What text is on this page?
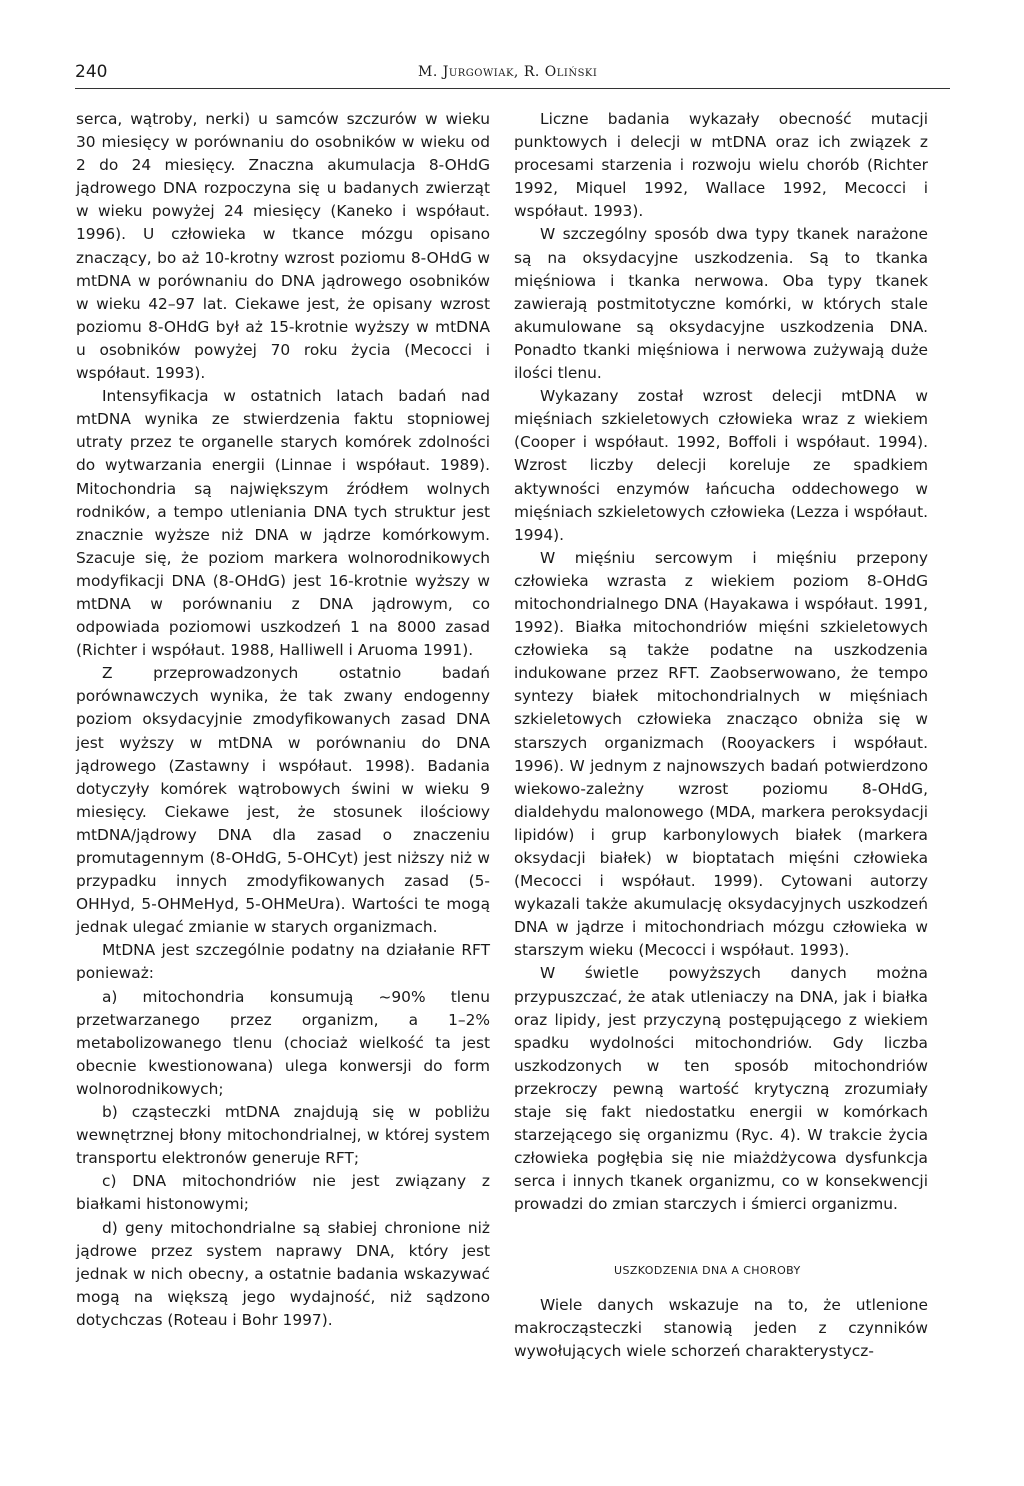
240	M. Jurgowiak, R. Oliński

serca, wątroby, nerki) u samców szczurów w wieku 30 miesięcy w porównaniu do osobników w wieku od 2 do 24 miesięcy. Znaczna akumulacja 8-OHdG jądrowego DNA rozpoczyna się u badanych zwierząt w wieku powyżej 24 miesięcy (Kaneko i współaut. 1996). U człowieka w tkance mózgu opisano znaczący, bo aż 10-krotny wzrost poziomu 8-OHdG w mtDNA w porównaniu do DNA jądrowego osobników w wieku 42–97 lat. Ciekawe jest, że opisany wzrost poziomu 8-OHdG był aż 15-krotnie wyższy w mtDNA u osobników powyżej 70 roku życia (Mecocci i współaut. 1993).

Intensyfikacja w ostatnich latach badań nad mtDNA wynika ze stwierdzenia faktu stopniowej utraty przez te organelle starych komórek zdolności do wytwarzania energii (Linnae i współaut. 1989). Mitochondria są największym źródłem wolnych rodników, a tempo utleniania DNA tych struktur jest znacznie wyższe niż DNA w jądrze komórkowym. Szacuje się, że poziom markera wolnorodnikowych modyfikacji DNA (8-OHdG) jest 16-krotnie wyższy w mtDNA w porównaniu z DNA jądrowym, co odpowiada poziomowi uszkodzeń 1 na 8000 zasad (Richter i współaut. 1988, Halliwell i Aruoma 1991).

Z przeprowadzonych ostatnio badań porównawczych wynika, że tak zwany endogenny poziom oksydacyjnie zmodyfikowanych zasad DNA jest wyższy w mtDNA w porównaniu do DNA jądrowego (Zastawny i współaut. 1998). Badania dotyczyły komórek wątrobowych świni w wieku 9 miesięcy. Ciekawe jest, że stosunek ilościowy mtDNA/jądrowy DNA dla zasad o znaczeniu promutagennym (8-OHdG, 5-OHCyt) jest niższy niż w przypadku innych zmodyfikowanych zasad (5-OHHyd, 5-OHMeHyd, 5-OHMeUra). Wartości te mogą jednak ulegać zmianie w starych organizmach.

MtDNA jest szczególnie podatny na działanie RFT ponieważ:

a) mitochondria konsumują ~90% tlenu przetwarzanego przez organizm, a 1–2% metabolizowanego tlenu (chociaż wielkość ta jest obecnie kwestionowana) ulega konwersji do form wolnorodnikowych;

b) cząsteczki mtDNA znajdują się w pobliżu wewnętrznej błony mitochondrialnej, w której system transportu elektronów generuje RFT;

c) DNA mitochondriów nie jest związany z białkami histonowymi;

d) geny mitochondrialne są słabiej chronione niż jądrowe przez system naprawy DNA, który jest jednak w nich obecny, a ostatnie badania wskazywać mogą na większą jego wydajność, niż sądzono dotychczas (Roteau i Bohr 1997).

Liczne badania wykazały obecność mutacji punktowych i delecji w mtDNA oraz ich związek z procesami starzenia i rozwoju wielu chorób (Richter 1992, Miquel 1992, Wallace 1992, Mecocci i współaut. 1993).

W szczególny sposób dwa typy tkanek narażone są na oksydacyjne uszkodzenia. Są to tkanka mięśniowa i tkanka nerwowa. Oba typy tkanek zawierają postmitotyczne komórki, w których stale akumulowane są oksydacyjne uszkodzenia DNA. Ponadto tkanki mięśniowa i nerwowa zużywają duże ilości tlenu.

Wykazany został wzrost delecji mtDNA w mięśniach szkieletowych człowieka wraz z wiekiem (Cooper i współaut. 1992, Boffoli i współaut. 1994). Wzrost liczby delecji koreluje ze spadkiem aktywności enzymów łańcucha oddechowego w mięśniach szkieletowych człowieka (Lezza i współaut. 1994).

W mięśniu sercowym i mięśniu przepony człowieka wzrasta z wiekiem poziom 8-OHdG mitochondrialnego DNA (Hayakawa i współaut. 1991, 1992). Białka mitochondriów mięśni szkieletowych człowieka są także podatne na uszkodzenia indukowane przez RFT. Zaobserwowano, że tempo syntezy białek mitochondrialnych w mięśniach szkieletowych człowieka znacząco obniża się w starszych organizmach (Rooyackers i współaut. 1996). W jednym z najnowszych badań potwierdzono wiekowo-zależny wzrost poziomu 8-OHdG, dialdehydu malonowego (MDA, markera peroksydacji lipidów) i grup karbonylowych białek (markera oksydacji białek) w bioptatach mięśni człowieka (Mecocci i współaut. 1999). Cytowani autorzy wykazali także akumulację oksydacyjnych uszkodzeń DNA w jądrze i mitochondriach mózgu człowieka w starszym wieku (Mecocci i współaut. 1993).

W świetle powyższych danych można przypuszczać, że atak utleniaczy na DNA, jak i białka oraz lipidy, jest przyczyną postępującego z wiekiem spadku wydolności mitochondriów. Gdy liczba uszkodzonych w ten sposób mitochondriów przekroczy pewną wartość krytyczną zrozumiały staje się fakt niedostatku energii w komórkach starzejącego się organizmu (Ryc. 4). W trakcie życia człowieka pogłębia się nie miażdżycowa dysfunkcja serca i innych tkanek organizmu, co w konsekwencji prowadzi do zmian starczych i śmierci organizmu.

USZKODZENIA DNA A CHOROBY

Wiele danych wskazuje na to, że utlenione makrocząsteczki stanowią jeden z czynników wywołujących wiele schorzeń charakterystycz-
